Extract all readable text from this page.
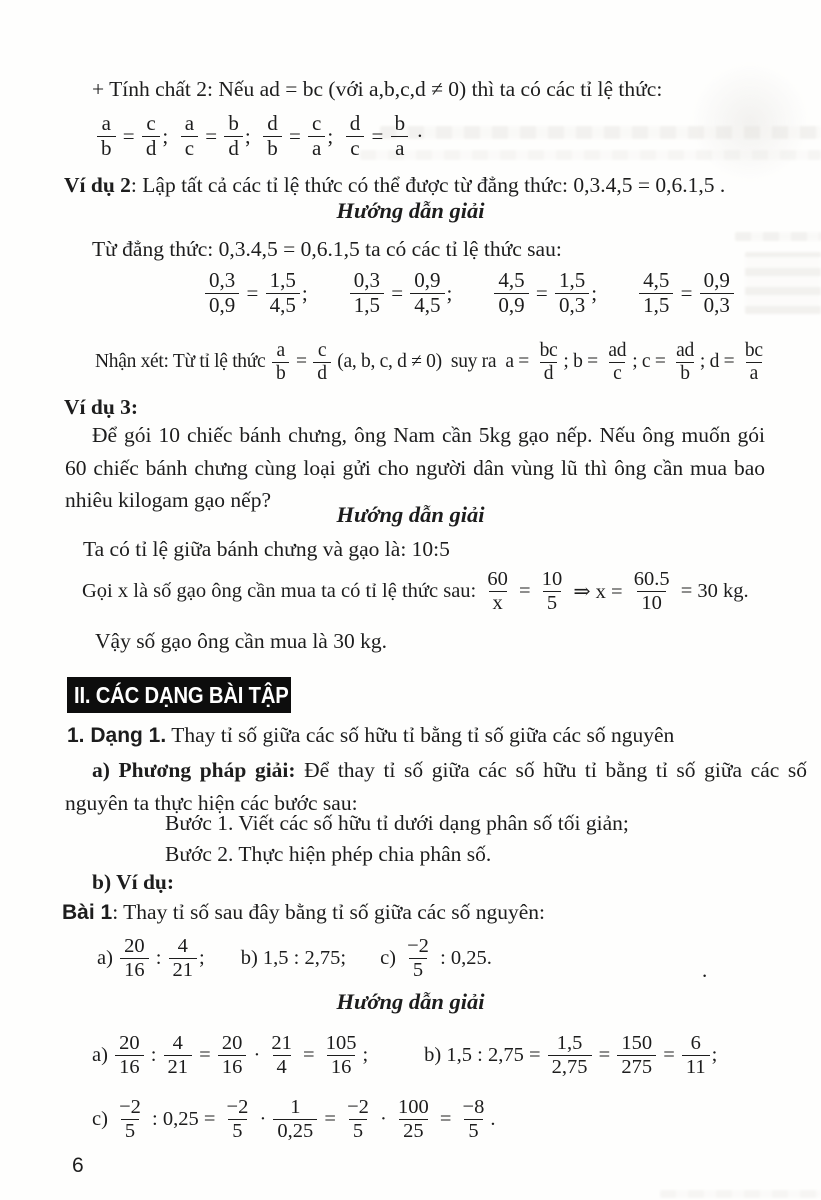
+ Tính chất 2: Nếu ad = bc (với a,b,c,d ≠ 0) thì ta có các tỉ lệ thức:
$\frac{a}{b} = \frac{c}{d}$ ; $\frac{a}{c} = \frac{b}{d}$ ; $\frac{d}{b} = \frac{c}{a}$ ; $\frac{d}{c} = \frac{b}{a}$ ·
Ví dụ 2: Lập tất cả các tỉ lệ thức có thể được từ đẳng thức: 0,3.4,5 = 0,6.1,5 .
Hướng dẫn giải
Từ đẳng thức: 0,3.4,5 = 0,6.1,5 ta có các tỉ lệ thức sau:
$\frac{0,3}{0,9} = \frac{1,5}{4,5}$ ; $\frac{0,3}{1,5} = \frac{0,9}{4,5}$ ; $\frac{4,5}{0,9} = \frac{1,5}{0,3}$ ; $\frac{4,5}{1,5} = \frac{0,9}{0,3}$
Nhận xét: Từ tỉ lệ thức $\frac{a}{b} = \frac{c}{d} (a$, b, c, d ≠ 0)  suy ra  $a = \frac{bc}{d}$ ; $b = \frac{ad}{c}$ ; $c = \frac{ad}{b}$ ; $d = \frac{bc}{a}$
Ví dụ 3:
Để gói 10 chiếc bánh chưng, ông Nam cần 5kg gạo nếp. Nếu ông muốn gói
60 chiếc bánh chưng cùng loại gửi cho người dân vùng lũ thì ông cần mua bao
nhiêu kilogam gạo nếp?
Hướng dẫn giải
Ta có tỉ lệ giữa bánh chưng và gạo là: 10:5
Gọi x là số gạo ông cần mua ta có tỉ lệ thức sau: $\frac{60}{x} = \frac{10}{5}$ ⇒ $x = \frac{60.5}{10} = 30$ kg.
Vậy số gạo ông cần mua là 30 kg.
II. CÁC DẠNG BÀI TẬP
1. Dạng 1. Thay tỉ số giữa các số hữu tỉ bằng tỉ số giữa các số nguyên
a) Phương pháp giải: Để thay tỉ số giữa các số hữu tỉ bằng tỉ số giữa các số
nguyên ta thực hiện các bước sau:
Bước 1. Viết các số hữu tỉ dưới dạng phân số tối giản;
Bước 2. Thực hiện phép chia phân số.
b) Ví dụ:
Bài 1: Thay tỉ số sau đây bằng tỉ số giữa các số nguyên:
$a) \frac{20}{16}$ : $\frac{4}{21}$ ; b) 1,5 : 2,75; $c) \frac{-2}{5}$ : 0,25.
.
Hướng dẫn giải
$a) \frac{20}{16}$ : $\frac{4}{21} = \frac{20}{16} \cdot \frac{21}{4} = \frac{105}{16}$ ;	b) 1,5 : $2,75 = \frac{1,5}{2,75} = \frac{150}{275} = \frac{6}{11}$ ;
$c) \frac{-2}{5}$ : $0,25 = \frac{-2}{5} \cdot \frac{1}{0,25} = \frac{-2}{5} \cdot \frac{100}{25} = \frac{-8}{5}$ .
6
